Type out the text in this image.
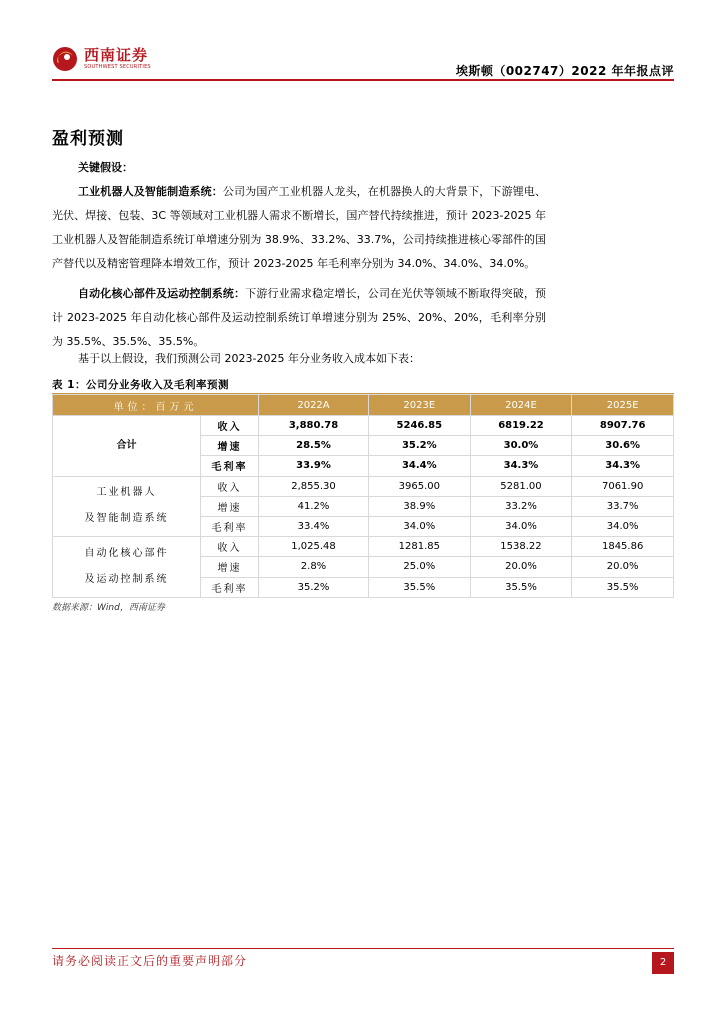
西南证券
SOUTHWEST SECURITIES	埃斯顿（002747）2022 年年报点评
盈利预测
关键假设：
工业机器人及智能制造系统：公司为国产工业机器人龙头，在机器换人的大背景下，下游锂电、光伏、焊接、包装、3C 等领域对工业机器人需求不断增长，国产替代持续推进，预计 2023-2025 年工业机器人及智能制造系统订单增速分别为 38.9%、33.2%、33.7%，公司持续推进核心零部件的国产替代以及精密管理降本增效工作，预计 2023-2025 年毛利率分别为 34.0%、34.0%、34.0%。
自动化核心部件及运动控制系统：下游行业需求稳定增长，公司在光伏等领域不断取得突破，预计 2023-2025 年自动化核心部件及运动控制系统订单增速分别为 25%、20%、20%，毛利率分别为 35.5%、35.5%、35.5%。
基于以上假设，我们预测公司 2023-2025 年分业务收入成本如下表：
表 1：公司分业务收入及毛利率预测
单位：百万元		2022A	2023E	2024E	2025E
合计	收入	3,880.78	5246.85	6819.22	8907.76
	增速	28.5%	35.2%	30.0%	30.6%
	毛利率	33.9%	34.4%	34.3%	34.3%

工业机器人
及智能制造系统	收入	2,855.30	3965.00	5281.00	7061.90
	增速	41.2%	38.9%	33.2%	33.7%
	毛利率	33.4%	34.0%	34.0%	34.0%

自动化核心部件
及运动控制系统	收入	1,025.48	1281.85	1538.22	1845.86
	增速	2.8%	25.0%	20.0%	20.0%
	毛利率	35.2%	35.5%	35.5%	35.5%
数据来源：Wind，西南证券
请务必阅读正文后的重要声明部分	2
